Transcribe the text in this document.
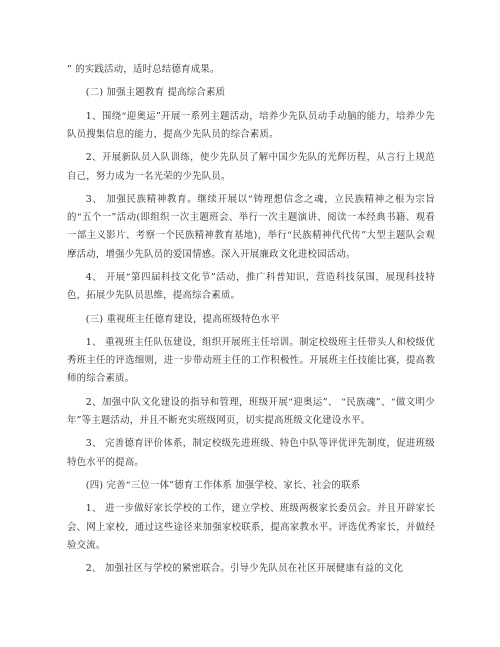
” 的实践活动，适时总结德育成果。

(二) 加强主题教育 提高综合素质

1、围绕“迎奥运”开展一系列主题活动，培养少先队员动手动脑的能力，培养少先队员搜集信息的能力，提高少先队员的综合素质。

2、开展新队员入队训练，使少先队员了解中国少先队的光辉历程，从言行上规范自己，努力成为一名光荣的少先队员。

3、 加强民族精神教育。继续开展以“铸理想信念之魂，立民族精神之根为宗旨的“五个一”活动(即组织一次主题班会、举行一次主题演讲、阅读一本经典书籍、观看一部主义影片、考察一个民族精神教育基地)，举行“民族精神代代传”大型主题队会观摩活动，增强少先队员的爱国情感。深入开展廉政文化进校园活动。

4、 开展“第四届科技文化节”活动，推广科普知识，营造科技氛围，展现科技特色，拓展少先队员思维，提高综合素质。

(三) 重视班主任德育建设，提高班级特色水平

1、 重视班主任队伍建设，组织开展班主任培训。制定校级班主任带头人和校级优秀班主任的评选细则，进一步带动班主任的工作积极性。开展班主任技能比赛，提高教师的综合素质。

2、加强中队文化建设的指导和管理，班级开展“迎奥运”、 “民族魂”、“做文明少年”等主题活动，并且不断充实班级网页，切实提高班级文化建设水平。

3、 完善德育评价体系，制定校级先进班级、特色中队等评优评先制度，促进班级特色水平的提高。

(四) 完善“三位一体”德育工作体系 加强学校、家长、社会的联系

1、 进一步做好家长学校的工作，建立学校、班级两极家长委员会。并且开辟家长会、网上家校，通过这些途径来加强家校联系，提高家教水平。评选优秀家长，并做经验交流。

2、 加强社区与学校的紧密联合。引导少先队员在社区开展健康有益的文化
